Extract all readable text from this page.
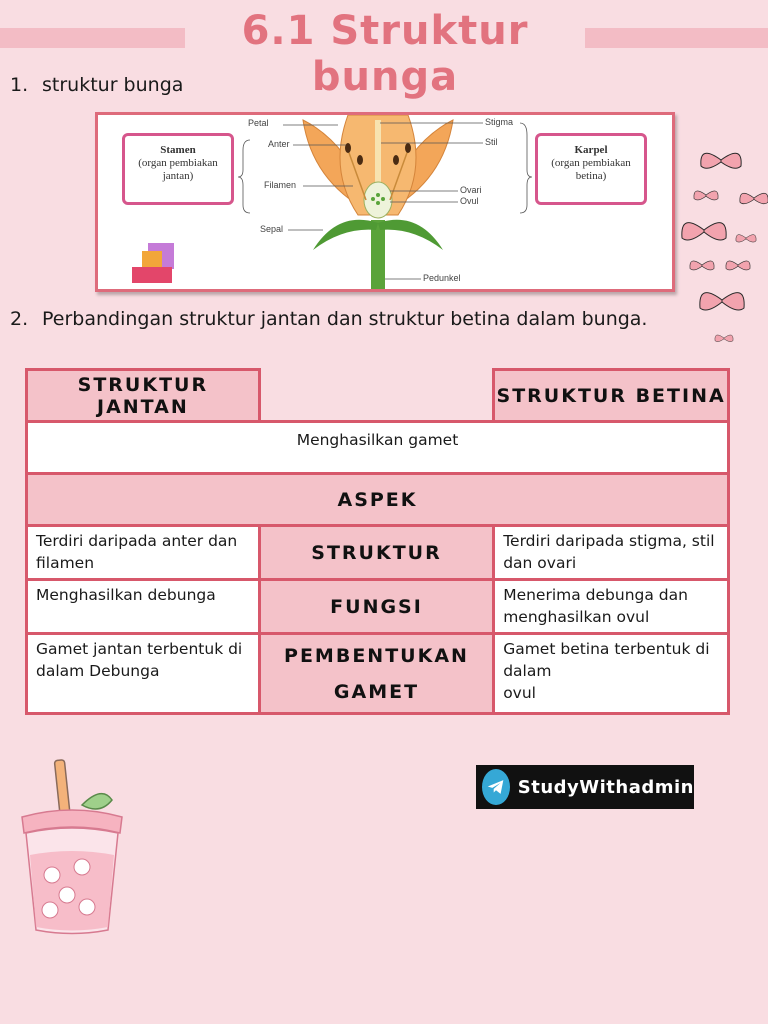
6.1 Struktur bunga
1. struktur bunga
Stamen
(organ pembiakan jantan)
Karpel
(organ pembiakan betina)
Petal
Anter
Filamen
Sepal
Stigma
Stil
Ovari
Ovul
Pedunkel
2. Perbandingan struktur jantan dan struktur betina dalam bunga.
STRUKTUR JANTAN		STRUKTUR BETINA
Menghasilkan gamet		
ASPEK		
Terdiri daripada anter dan filamen	STRUKTUR	Terdiri daripada stigma, stil dan ovari
Menghasilkan debunga	FUNGSI	Menerima debunga dan menghasilkan ovul
Gamet jantan terbentuk di dalam Debunga	PEMBENTUKAN GAMET	Gamet betina terbentuk di dalam
ovul
StudyWithadmin
